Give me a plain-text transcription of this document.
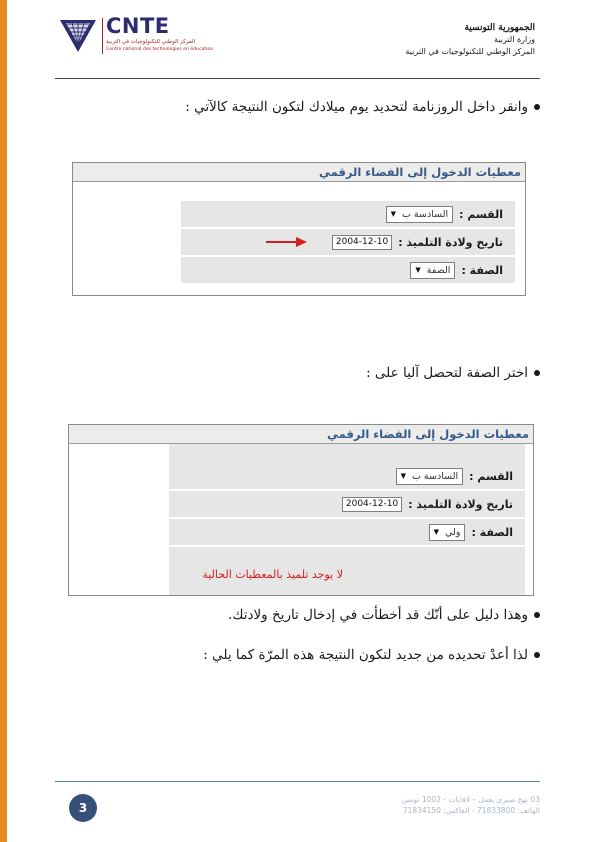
CNTE
المركز الوطني للتكنولوجيات في التربية
Centre national des technologies en éducation
الجمهورية التونسية
وزارة التربية
المركز الوطني للتكنولوجيات في التربية
وانقر داخل الروزنامة لتحديد يوم ميلادك لتكون النتيجة كالآتي :
معطيات الدخول إلى الفضاء الرقمي
القسم :
السادسة ب
▼
تاريخ ولادة التلميذ :
2004-12-10
الصفة :
الصفة
▼
اختر الصفة لتحصل آليا على :
معطيات الدخول إلى الفضاء الرقمي
القسم :
السادسة ب
▼
تاريخ ولادة التلميذ :
2004-12-10
الصفة :
ولي
▼
لا يوجد تلميذ بالمعطيات الحالية
وهذا دليل على أنّك قد أخطأت في إدخال تاريخ ولادتك.
لذا أعدْ تحديده من جديد لتكون النتيجة هذه المرّة كما يلي :
3
03 نهج صبرى بعمل – لافايات - 1002 تونس
الهاتف: 71833800 - الفاكس: 71834150
